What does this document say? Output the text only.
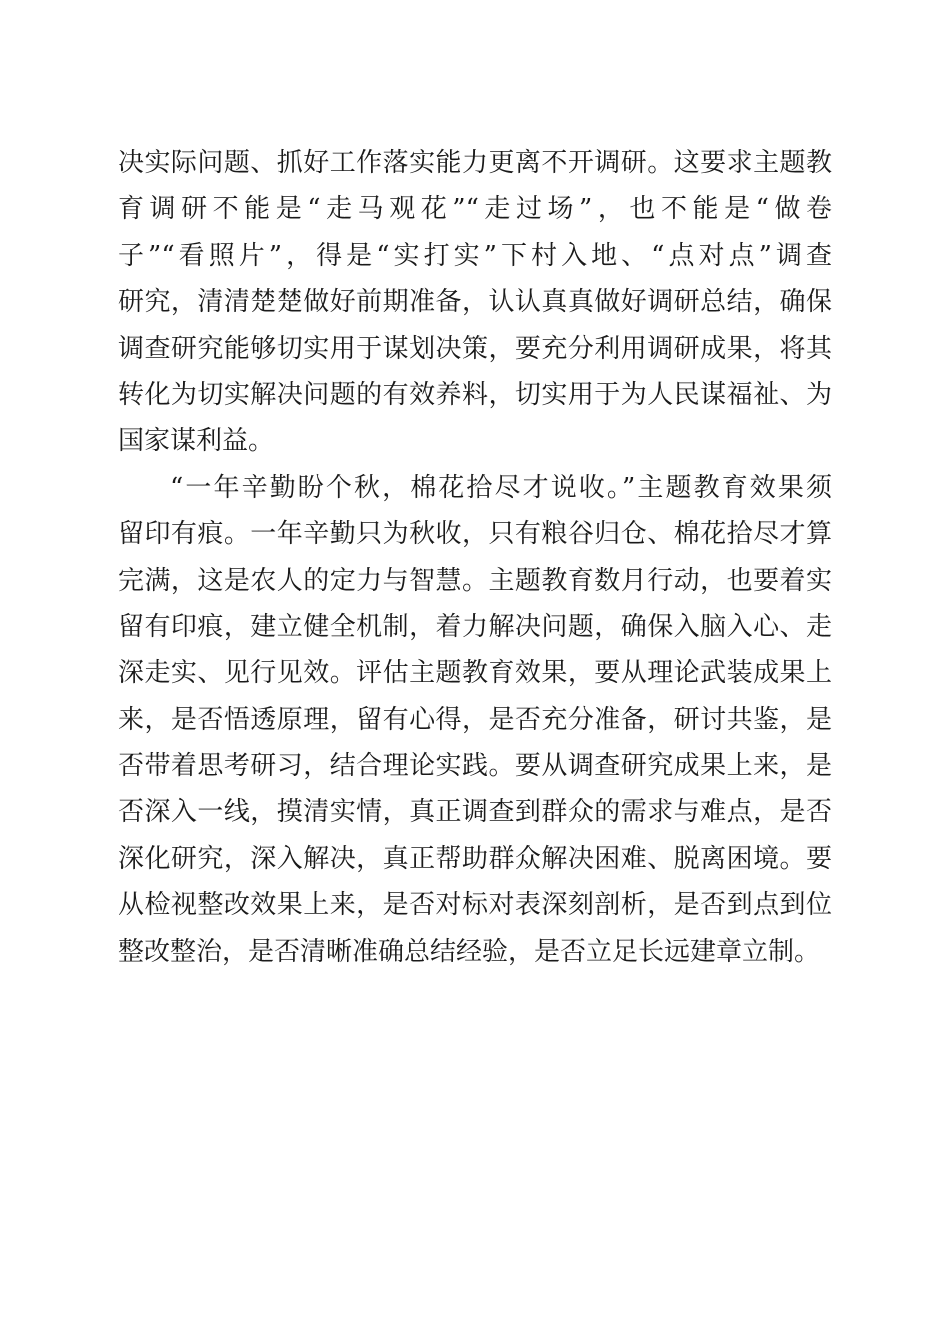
决实际问题、抓好工作落实能力更离不开调研。这要求主题教
育调研不能是“走马观花”“走过场”，也不能是“做卷
子”“看照片”，得是“实打实”下村入地、“点对点”调查
研究，清清楚楚做好前期准备，认认真真做好调研总结，确保
调查研究能够切实用于谋划决策，要充分利用调研成果，将其
转化为切实解决问题的有效养料，切实用于为人民谋福祉、为
国家谋利益。
“一年辛勤盼个秋，棉花拾尽才说收。”主题教育效果须
留印有痕。一年辛勤只为秋收，只有粮谷归仓、棉花拾尽才算
完满，这是农人的定力与智慧。主题教育数月行动，也要着实
留有印痕，建立健全机制，着力解决问题，确保入脑入心、走
深走实、见行见效。评估主题教育效果，要从理论武装成果上
来，是否悟透原理，留有心得，是否充分准备，研讨共鉴，是
否带着思考研习，结合理论实践。要从调查研究成果上来，是
否深入一线，摸清实情，真正调查到群众的需求与难点，是否
深化研究，深入解决，真正帮助群众解决困难、脱离困境。要
从检视整改效果上来，是否对标对表深刻剖析，是否到点到位
整改整治，是否清晰准确总结经验，是否立足长远建章立制。
